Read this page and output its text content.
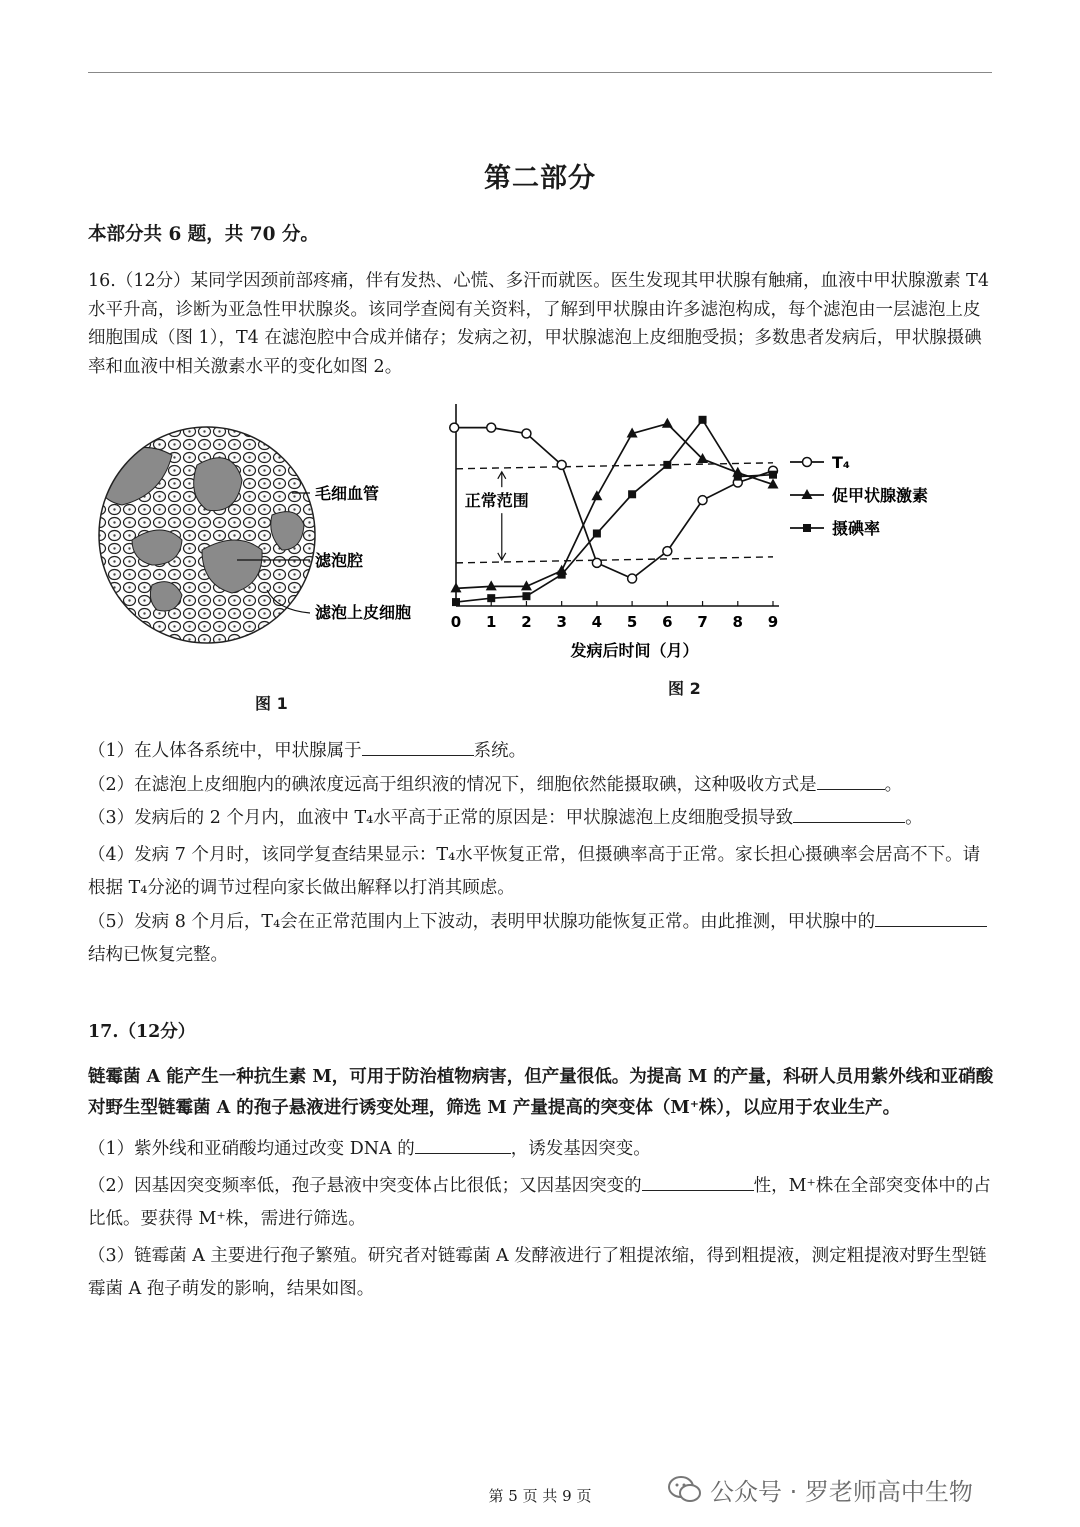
第二部分
本部分共 6 题，共 70 分。
16.（12分）某同学因颈前部疼痛，伴有发热、心慌、多汗而就医。医生发现其甲状腺有触痛，血液中甲状腺激素 T4 水平升高，诊断为亚急性甲状腺炎。该同学查阅有关资料，了解到甲状腺由许多滤泡构成，每个滤泡由一层滤泡上皮细胞围成（图 1），T4 在滤泡腔中合成并储存；发病之初，甲状腺滤泡上皮细胞受损；多数患者发病后，甲状腺摄碘率和血液中相关激素水平的变化如图 2。
毛细血管
滤泡腔
滤泡上皮细胞
图 1
0 1 2 3 4 5 6 7 8 9
发病后时间（月）
正常范围
T₄
促甲状腺激素
摄碘率
图 2
（1）在人体各系统中，甲状腺属于	系统。
（2）在滤泡上皮细胞内的碘浓度远高于组织液的情况下，细胞依然能摄取碘，这种吸收方式是	。
（3）发病后的 2 个月内，血液中 T₄水平高于正常的原因是：甲状腺滤泡上皮细胞受损导致	。
（4）发病 7 个月时，该同学复查结果显示：T₄水平恢复正常，但摄碘率高于正常。家长担心摄碘率会居高不下。请根据 T₄分泌的调节过程向家长做出解释以打消其顾虑。
（5）发病 8 个月后，T₄会在正常范围内上下波动，表明甲状腺功能恢复正常。由此推测，甲状腺中的结构已恢复完整。
17.（12分）
链霉菌 A 能产生一种抗生素 M，可用于防治植物病害，但产量很低。为提高 M 的产量，科研人员用紫外线和亚硝酸对野生型链霉菌 A 的孢子悬液进行诱变处理，筛选 M 产量提高的突变体（M⁺株），以应用于农业生产。
（1）紫外线和亚硝酸均通过改变 DNA 的	，诱发基因突变。
（2）因基因突变频率低，孢子悬液中突变体占比很低；又因基因突变的	性，M⁺株在全部突变体中的占比低。要获得 M⁺株，需进行筛选。
（3）链霉菌 A 主要进行孢子繁殖。研究者对链霉菌 A 发酵液进行了粗提浓缩，得到粗提液，测定粗提液对野生型链霉菌 A 孢子萌发的影响，结果如图。
第 5 页 共 9 页	公众号 · 罗老师高中生物
